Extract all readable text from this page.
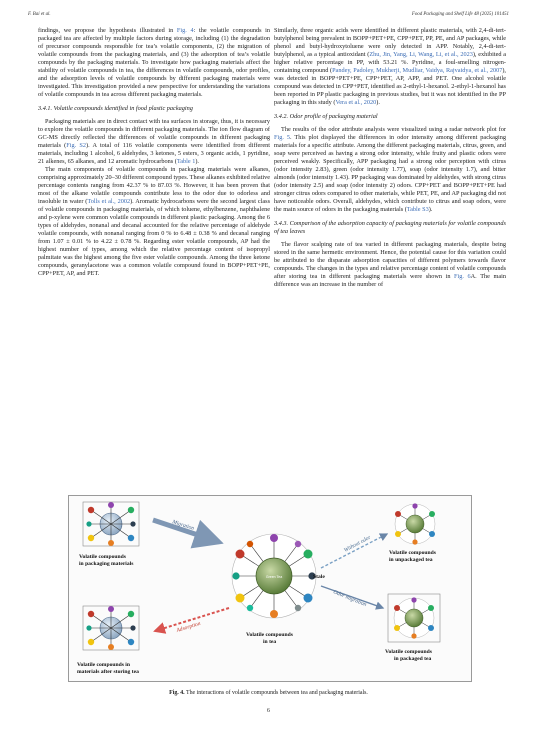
F. Bai et al.	Food Packaging and Shelf Life 48 (2025) 101451

findings, we propose the hypothesis illustrated in Fig. 4: the volatile compounds in packaged tea are affected by multiple factors during storage, including (1) the degradation of precursor compounds responsible for tea’s volatile components, (2) the migration of volatile compounds from the packaging materials, and (3) the adsorption of tea’s volatile compounds by the packaging materials. To investigate how packaging materials affect the stability of volatile compounds in tea, the differences in volatile compounds, odor profiles, and the adsorption levels of volatile compounds by different packaging materials were investigated. This investigation provided a new perspective for understanding the variations of volatile compounds in tea across different packaging materials.

3.4.1. Volatile compounds identified in food plastic packaging

Packaging materials are in direct contact with tea surfaces in storage, thus, it is necessary to explore the volatile compounds in different packaging materials. The ion flow diagram of GC-MS directly reflected the differences of volatile compounds in different packaging materials (Fig. S2). A total of 116 volatile components were identified from different materials, including 1 alcohol, 6 aldehydes, 3 ketones, 5 esters, 3 organic acids, 1 pyridine, 21 alkenes, 65 alkanes, and 12 aromatic hydrocarbons (Table 1).

The main components of volatile compounds in packaging materials were alkanes, comprising approximately 20–30 different compound types. These alkanes exhibited relative percentage contents ranging from 42.37 % to 87.03 %. However, it has been proven that most of the alkane volatile compounds contribute less to the odor due to odorless and insoluble in water (Tolls et al., 2002). Aromatic hydrocarbons were the second largest class of volatile compounds in packaging materials, of which toluene, ethylbenzene, naphthalene and p-xylene were common volatile compounds in different plastic packaging. Among the 6 types of aldehydes, nonanal and decanal accounted for the relative percentage of aldehyde volatile compounds, with nonanal ranging from 0 % to 6.48 ± 0.38 % and decanal ranging from 1.07 ± 0.01 % to 4.22 ± 0.78 %. Regarding ester volatile compounds, AP had the highest number of types, among which the relative percentage content of isopropyl palmitate was the highest among the five ester volatile compounds. Among the three ketone compounds, geranylacetone was a common volatile compound found in BOPP+PET+PE, CPP+PET, AP, and PET.

Similarly, three organic acids were identified in different plastic materials, with 2,4-di-tert-butylphenol being prevalent in BOPP+PET+PE, CPP+PET, PP, PE, and AP packages, while phenol and butyl-hydroxytoluene were only detected in APP. Notably, 2,4-di-tert-butylphenol, as a typical antioxidant (Zhu, Jin, Yang, Li, Wang, Li, et al., 2023), exhibited a higher relative percentage in PP, with 53.21 %. Pyridine, a foul-smelling nitrogen-containing compound (Pandey, Padoley, Mukherji, Mudliar, Vaidya, Rajvaidya, et al., 2007), was detected in BOPP+PET+PE, CPP+PET, AP, APP, and PET. One alcohol volatile compound was detected in CPP+PET, identified as 2-ethyl-1-hexanol. 2-ethyl-1-hexanol has been reported in PP plastic packaging in previous studies, but it was not identified in the PP packaging in this study (Vera et al., 2020).

3.4.2. Odor profile of packaging material

The results of the odor attribute analysis were visualized using a radar network plot for Fig. 5. This plot displayed the differences in odor intensity among different packaging materials for a specific attribute. Among the different packaging materials, citrus, green, and soap were perceived as having a strong odor intensity, while fruity and plastic odors were perceived weakly. Specifically, APP packaging had a strong odor perception with citrus (odor intensity 2.83), green (odor intensity 1.77), soap (odor intensity 1.7), and bitter almonds (odor intensity 1.43). PP packaging was dominated by aldehydes, with strong citrus (odor intensity 2.5) and soap (odor intensity 2) odors. CPP+PET and BOPP+PET+PE had stronger citrus odors compared to other materials, while PET, PE, and AP packaging did not have noticeable odors. Overall, aldehydes, which contribute to citrus and soap odors, were the main source of odors in the packaging materials (Table S3).

3.4.3. Comparison of the adsorption capacity of packaging materials for volatile compounds of tea leaves

The flavor scalping rate of tea varied in different packaging materials, despite being stored in the same hermetic environment. Hence, the potential cause for this variation could be attributed to the disparate adsorption capacities of different polymers towards flavor compounds. The changes in the types and relative percentage content of volatile compounds after storing tea in different packaging materials were shown in Fig. 6A. The main difference was an increase in the number of

Volatile compounds
in packaging materials
Volatile compounds in
materials after storing tea
Green Tea
Volatile compounds
in tea
Volatile compounds
in unpackaged tea
Volatile compounds
in packaged tea
Migration
Adsorption
Without odor
Odor migration
Stale
Fig. 4. The interactions of volatile compounds between tea and packaging materials.
6
